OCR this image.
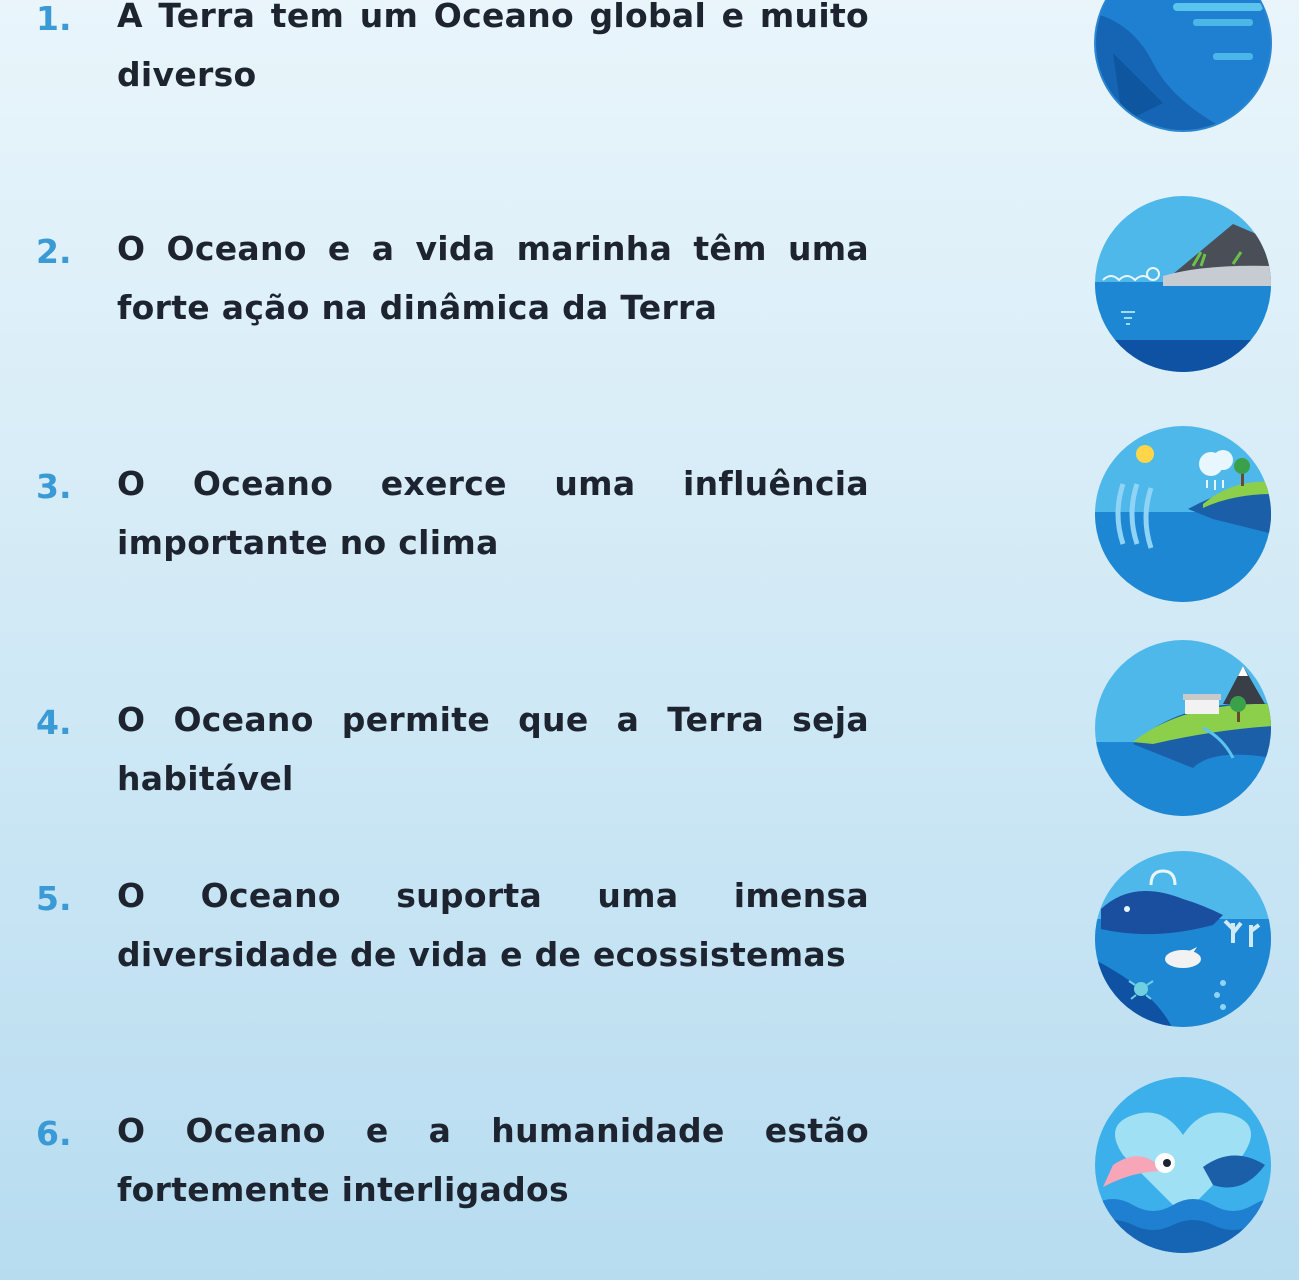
1. A Terra tem um Oceano global e muito diverso
2. O Oceano e a vida marinha têm uma forte ação na dinâmica da Terra
3. O Oceano exerce uma influência importante no clima
4. O Oceano permite que a Terra seja habitável
5. O Oceano suporta uma imensa diversidade de vida e de ecossistemas
6. O Oceano e a humanidade estão fortemente interligados
